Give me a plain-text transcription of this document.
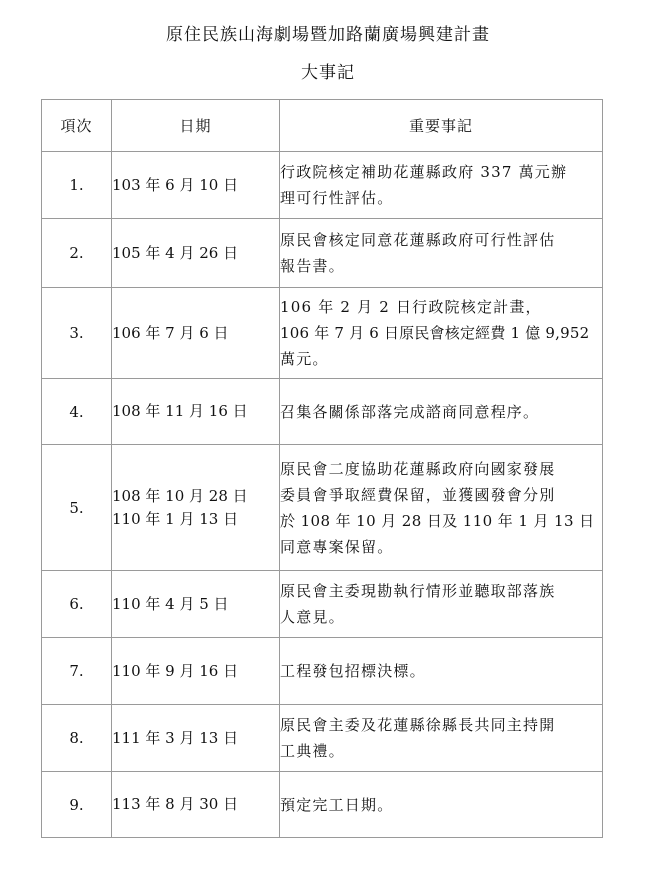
原住民族山海劇場暨加路蘭廣場興建計畫
大事記
項次	日期	重要事記
1.	103 年 6 月 10 日	行政院核定補助花蓮縣政府 337 萬元辦
理可行性評估。

2.	105 年 4 月 26 日	原民會核定同意花蓮縣政府可行性評估
報告書。

3.	106 年 7 月 6 日	106 年 2 月 2 日行政院核定計畫，
106 年 7 月 6 日原民會核定經費 1 億 9,952
萬元。

4.	108 年 11 月 16 日	召集各關係部落完成諮商同意程序。

5.	108 年 10 月 28 日
110 年 1 月 13 日	原民會二度協助花蓮縣政府向國家發展
委員會爭取經費保留，並獲國發會分別
於 108 年 10 月 28 日及 110 年 1 月 13 日
同意專案保留。

6.	110 年 4 月 5 日	原民會主委現勘執行情形並聽取部落族
人意見。

7.	110 年 9 月 16 日	工程發包招標決標。

8.	111 年 3 月 13 日	原民會主委及花蓮縣徐縣長共同主持開
工典禮。

9.	113 年 8 月 30 日	預定完工日期。
